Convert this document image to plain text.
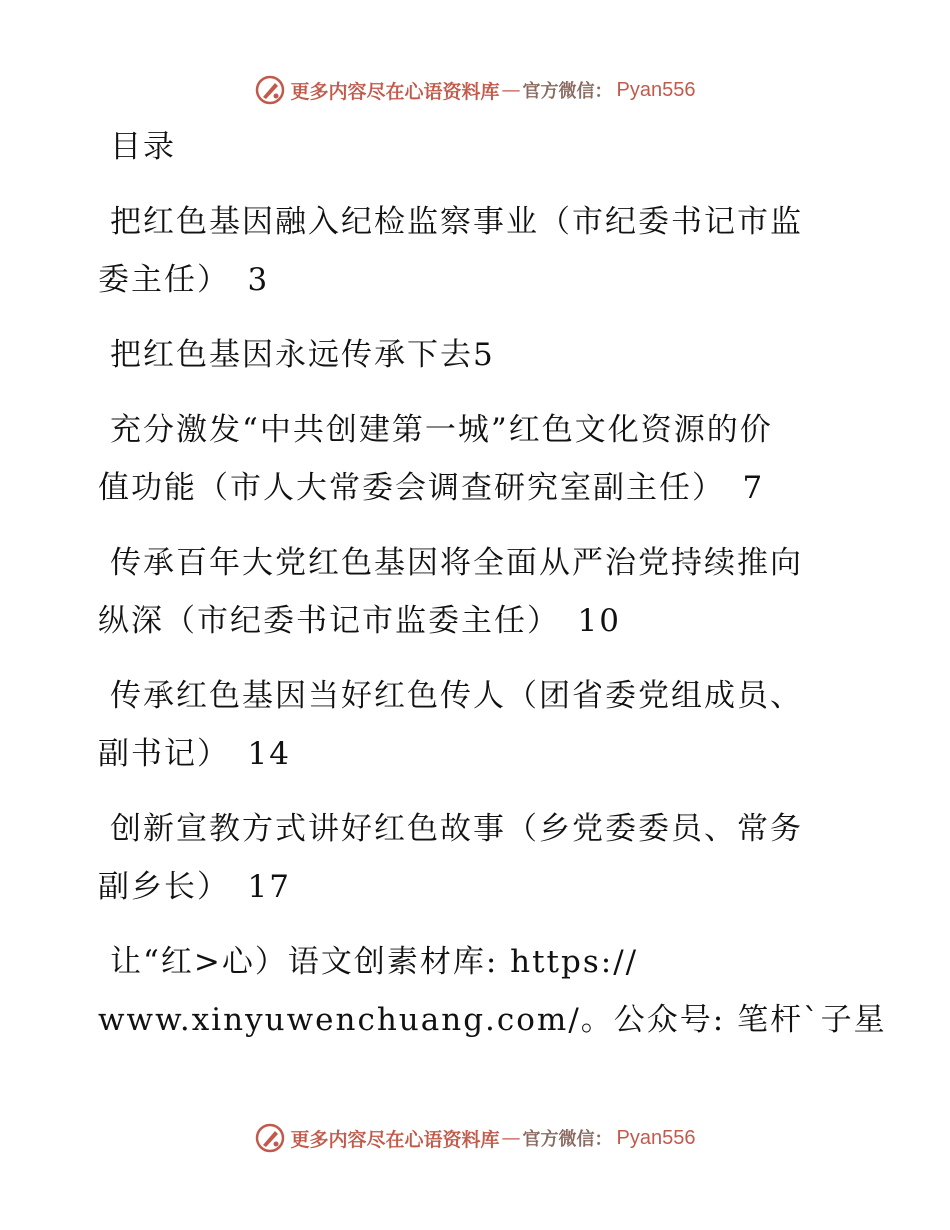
更多内容尽在心语资料库 — 官方微信： Pyan556
目录
把红色基因融入纪检监察事业（市纪委书记市监
委主任）　3
把红色基因永远传承下去5
充分激发“中共创建第一城”红色文化资源的价
值功能（市人大常委会调查研究室副主任）　7
传承百年大党红色基因将全面从严治党持续推向
纵深（市纪委书记市监委主任）　10
传承红色基因当好红色传人（团省委党组成员、
副书记）　14
创新宣教方式讲好红色故事（乡党委委员、常务
副乡长）　17
让“红>心）语文创素材库: https://
www.xinyuwenchuang.com/。公众号: 笔杆`子星
更多内容尽在心语资料库 — 官方微信： Pyan556
